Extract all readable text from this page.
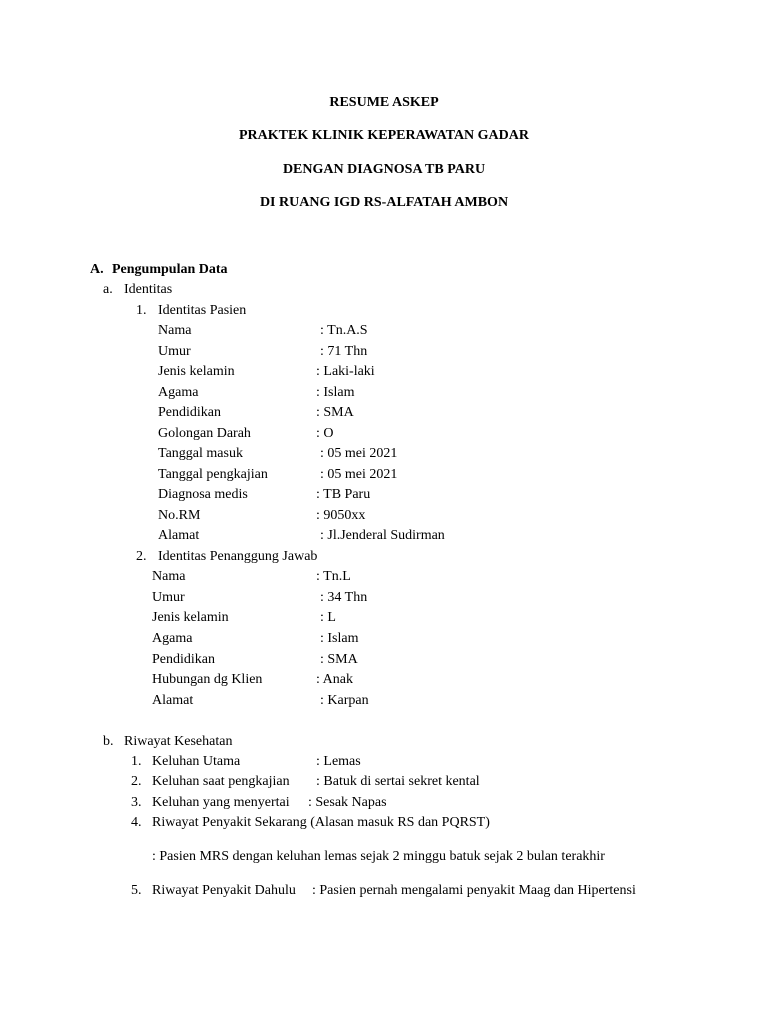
RESUME ASKEP
PRAKTEK KLINIK KEPERAWATAN GADAR
DENGAN DIAGNOSA TB PARU
DI RUANG IGD RS-ALFATAH AMBON
A. Pengumpulan Data
a. Identitas
1. Identitas Pasien
Nama	: Tn.A.S
Umur	: 71 Thn
Jenis kelamin	: Laki-laki
Agama	: Islam
Pendidikan	: SMA
Golongan Darah	: O
Tanggal masuk	: 05 mei 2021
Tanggal pengkajian	: 05 mei 2021
Diagnosa medis	: TB Paru
No.RM	: 9050xx
Alamat	: Jl.Jenderal Sudirman
2. Identitas Penanggung Jawab
Nama	: Tn.L
Umur	: 34 Thn
Jenis kelamin	: L
Agama	: Islam
Pendidikan	: SMA
Hubungan dg Klien	: Anak
Alamat	: Karpan
b. Riwayat Kesehatan
1. Keluhan Utama	: Lemas
2. Keluhan saat pengkajian : Batuk di sertai sekret kental
3. Keluhan yang menyertai : Sesak Napas
4. Riwayat Penyakit Sekarang (Alasan masuk RS dan PQRST)
: Pasien MRS dengan keluhan lemas sejak 2 minggu batuk sejak 2 bulan terakhir
5. Riwayat Penyakit Dahulu : Pasien pernah mengalami penyakit Maag dan Hipertensi
